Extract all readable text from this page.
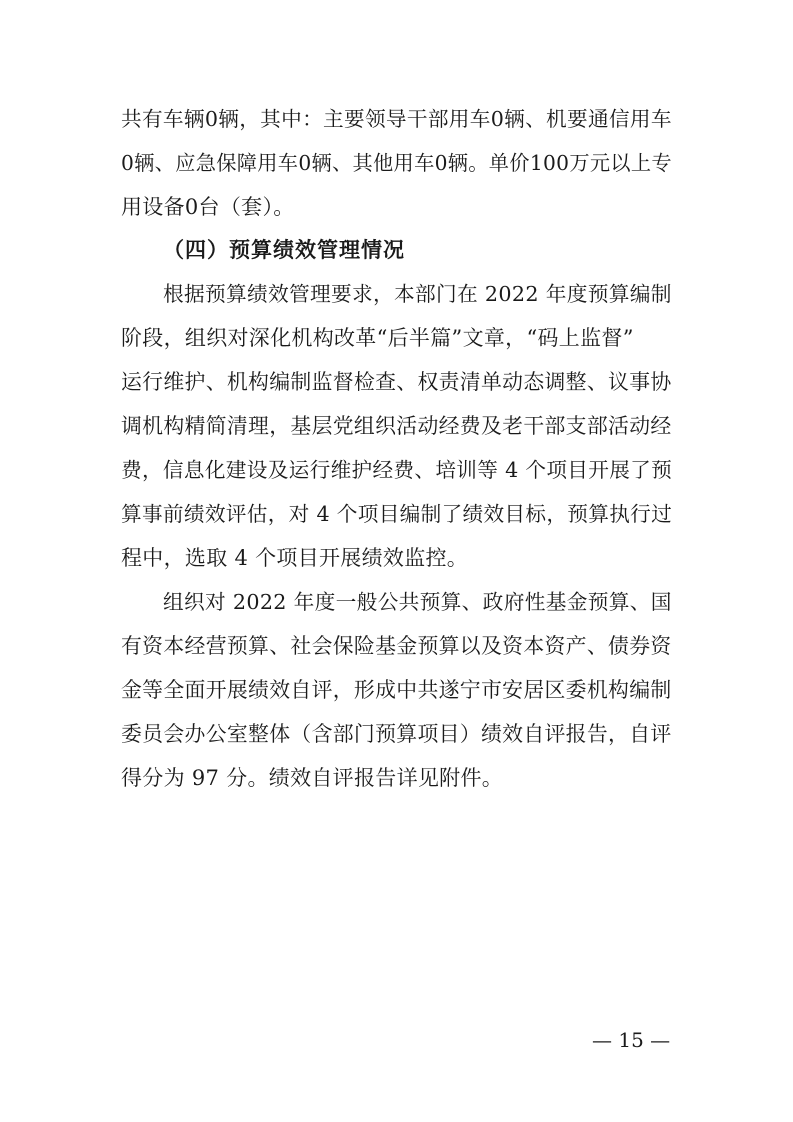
共有车辆0辆，其中：主要领导干部用车0辆、机要通信用车
0辆、应急保障用车0辆、其他用车0辆。单价100万元以上专
用设备0台（套）。
（四）预算绩效管理情况
根据预算绩效管理要求，本部门在 2022 年度预算编制
阶段，组织对深化机构改革“后半篇”文章，“码上监督”
运行维护、机构编制监督检查、权责清单动态调整、议事协
调机构精简清理，基层党组织活动经费及老干部支部活动经
费，信息化建设及运行维护经费、培训等 4 个项目开展了预
算事前绩效评估，对 4 个项目编制了绩效目标，预算执行过
程中，选取 4 个项目开展绩效监控。
组织对 2022 年度一般公共预算、政府性基金预算、国
有资本经营预算、社会保险基金预算以及资本资产、债券资
金等全面开展绩效自评，形成中共遂宁市安居区委机构编制
委员会办公室整体（含部门预算项目）绩效自评报告，自评
得分为 97 分。绩效自评报告详见附件。
— 15 —
